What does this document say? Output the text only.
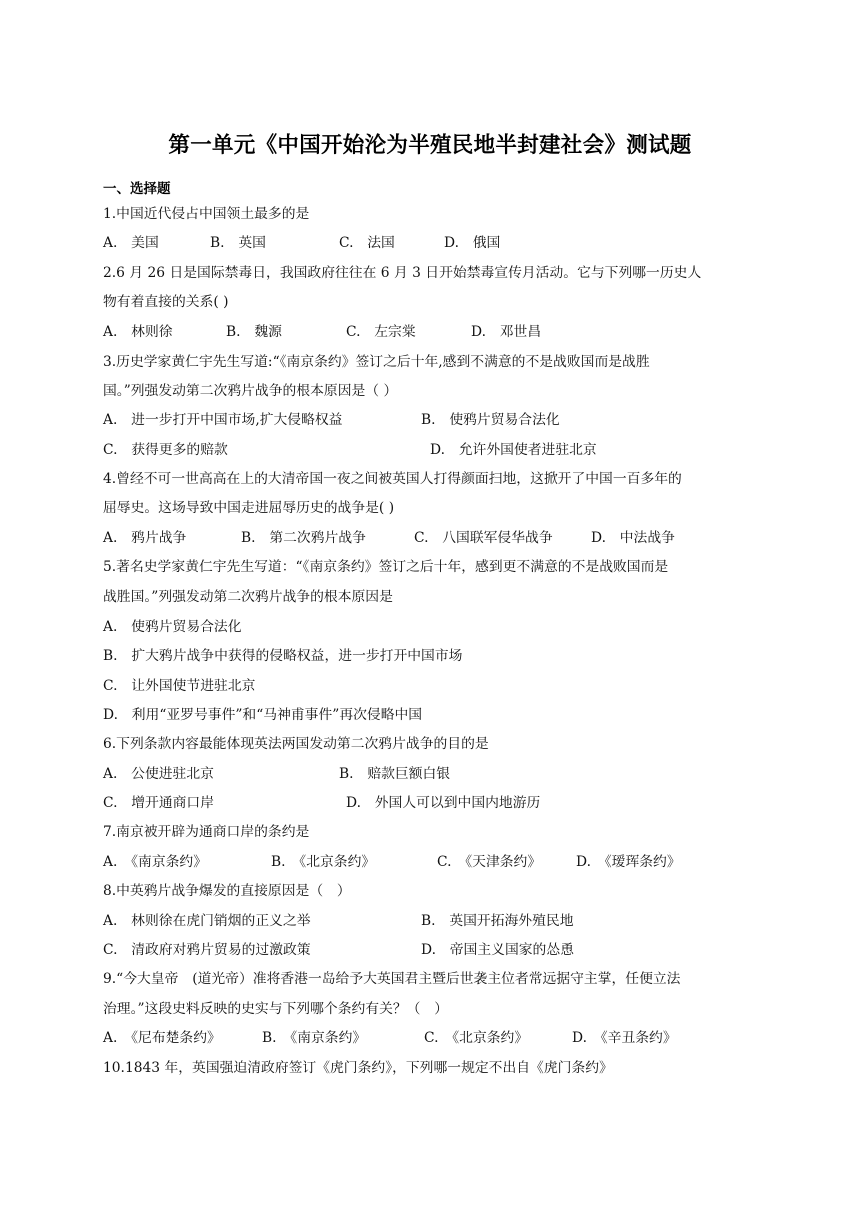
第一单元《中国开始沦为半殖民地半封建社会》测试题
一、选择题
1.中国近代侵占中国领土最多的是
A.　美国	B.　英国	C.　法国	D.　俄国
2.6 月 26 日是国际禁毒日，我国政府往往在 6 月 3 日开始禁毒宣传月活动。它与下列哪一历史人
物有着直接的关系( )
A.　林则徐	B.　魏源	C.　左宗棠	D.　邓世昌
3.历史学家黄仁宇先生写道:“《南京条约》签订之后十年,感到不满意的不是战败国而是战胜
国。”列强发动第二次鸦片战争的根本原因是（ ）
A.　进一步打开中国市场,扩大侵略权益	B.　使鸦片贸易合法化
C.　获得更多的赔款	D.　允许外国使者进驻北京
4.曾经不可一世高高在上的大清帝国一夜之间被英国人打得颜面扫地，这掀开了中国一百多年的
屈辱史。这场导致中国走进屈辱历史的战争是( )
A.　鸦片战争	B.　第二次鸦片战争	C.　八国联军侵华战争	D.　中法战争
5.著名史学家黄仁宇先生写道：“《南京条约》签订之后十年，感到更不满意的不是战败国而是
战胜国。”列强发动第二次鸦片战争的根本原因是
A.　使鸦片贸易合法化
B.　扩大鸦片战争中获得的侵略权益，进一步打开中国市场
C.　让外国使节进驻北京
D.　利用“亚罗号事件”和“马神甫事件”再次侵略中国
6.下列条款内容最能体现英法两国发动第二次鸦片战争的目的是
A.　公使进驻北京	B.　赔款巨额白银
C.　增开通商口岸	D.　外国人可以到中国内地游历
7.南京被开辟为通商口岸的条约是
A.　《南京条约》	B.　《北京条约》	C.　《天津条约》	D.　《瑷珲条约》
8.中英鸦片战争爆发的直接原因是（　）
A.　林则徐在虎门销烟的正义之举	B.　英国开拓海外殖民地
C.　清政府对鸦片贸易的过激政策	D.　帝国主义国家的怂恿
9.“今大皇帝　(道光帝）准将香港一岛给予大英国君主暨后世袭主位者常远据守主掌，任便立法
治理。”这段史料反映的史实与下列哪个条约有关？（　）
A.　《尼布楚条约》	B.　《南京条约》	C.　《北京条约》	D.　《辛丑条约》
10.1843 年，英国强迫清政府签订《虎门条约》，下列哪一规定不出自《虎门条约》
